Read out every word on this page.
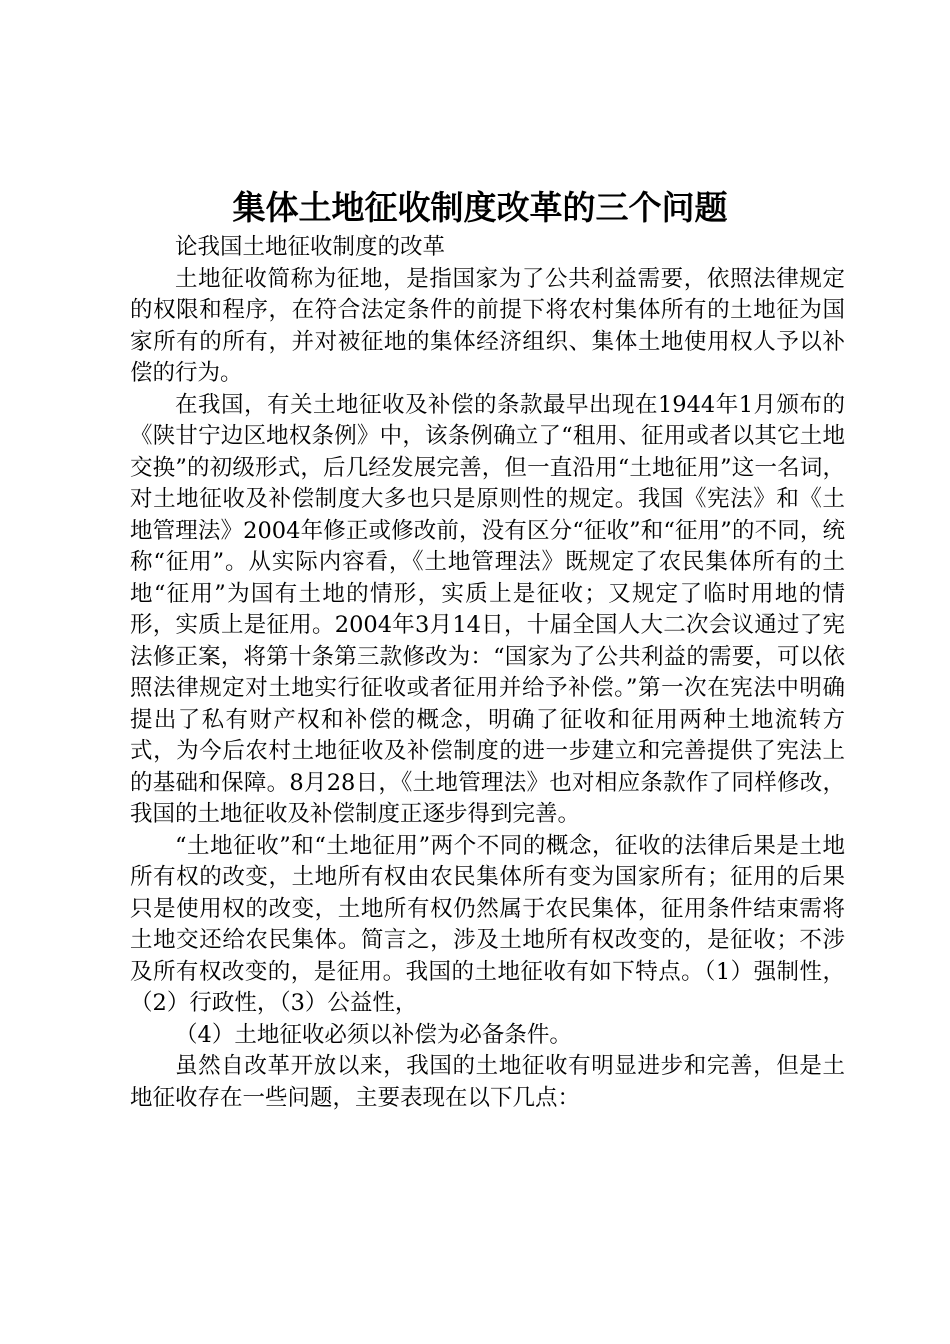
集体土地征收制度改革的三个问题

论我国土地征收制度的改革

土地征收简称为征地，是指国家为了公共利益需要，依照法律规定的权限和程序，在符合法定条件的前提下将农村集体所有的土地征为国家所有的所有，并对被征地的集体经济组织、集体土地使用权人予以补偿的行为。

在我国，有关土地征收及补偿的条款最早出现在1944年1月颁布的《陕甘宁边区地权条例》中，该条例确立了“租用、征用或者以其它土地交换”的初级形式，后几经发展完善，但一直沿用“土地征用”这一名词，对土地征收及补偿制度大多也只是原则性的规定。我国《宪法》和《土地管理法》2004年修正或修改前，没有区分“征收”和“征用”的不同，统称“征用”。从实际内容看，《土地管理法》既规定了农民集体所有的土地“征用”为国有土地的情形，实质上是征收；又规定了临时用地的情形，实质上是征用。2004年3月14日，十届全国人大二次会议通过了宪法修正案，将第十条第三款修改为：“国家为了公共利益的需要，可以依照法律规定对土地实行征收或者征用并给予补偿。”第一次在宪法中明确提出了私有财产权和补偿的概念，明确了征收和征用两种土地流转方式，为今后农村土地征收及补偿制度的进一步建立和完善提供了宪法上的基础和保障。8月28日，《土地管理法》也对相应条款作了同样修改，我国的土地征收及补偿制度正逐步得到完善。

“土地征收”和“土地征用”两个不同的概念，征收的法律后果是土地所有权的改变，土地所有权由农民集体所有变为国家所有；征用的后果只是使用权的改变，土地所有权仍然属于农民集体，征用条件结束需将土地交还给农民集体。简言之，涉及土地所有权改变的，是征收；不涉及所有权改变的，是征用。我国的土地征收有如下特点。（1）强制性，（2）行政性，（3）公益性，

（4）土地征收必须以补偿为必备条件。

虽然自改革开放以来，我国的土地征收有明显进步和完善，但是土地征收存在一些问题，主要表现在以下几点：
